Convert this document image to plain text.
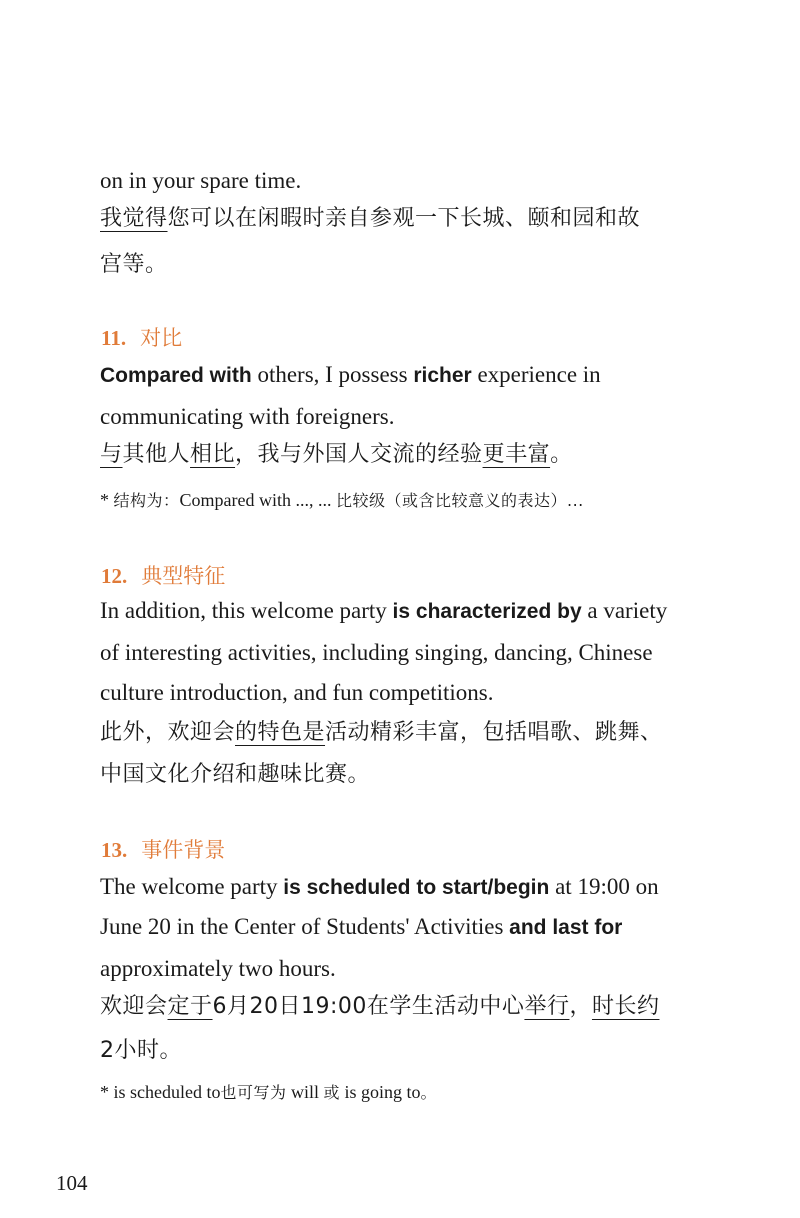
on in your spare time.
我觉得您可以在闲暇时亲自参观一下长城、颐和园和故
宫等。
11. 对比
Compared with others, I possess richer experience in
communicating with foreigners.
与其他人相比，我与外国人交流的经验更丰富。
* 结构为：Compared with ..., ... 比较级（或含比较意义的表达）...
12. 典型特征
In addition, this welcome party is characterized by a variety
of interesting activities, including singing, dancing, Chinese
culture introduction, and fun competitions.
此外，欢迎会的特色是活动精彩丰富，包括唱歌、跳舞、
中国文化介绍和趣味比赛。
13. 事件背景
The welcome party is scheduled to start/begin at 19:00 on
June 20 in the Center of Students' Activities and last for
approximately two hours.
欢迎会定于6月20日19:00在学生活动中心举行，时长约
2小时。
* is scheduled to也可写为 will 或 is going to。
104
